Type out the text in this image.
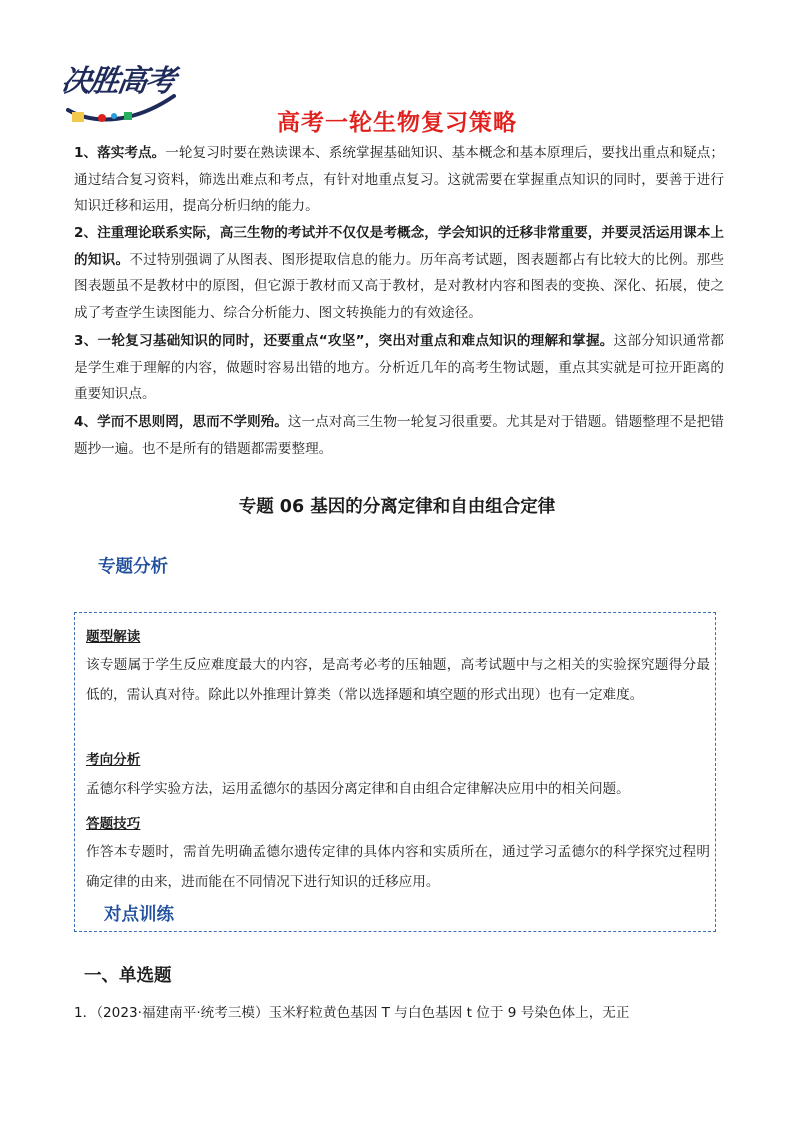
决胜高考
高考一轮生物复习策略
1、落实考点。一轮复习时要在熟读课本、系统掌握基础知识、基本概念和基本原理后，要找出重点和疑点；通过结合复习资料，筛选出难点和考点，有针对地重点复习。这就需要在掌握重点知识的同时，要善于进行知识迁移和运用，提高分析归纳的能力。
2、注重理论联系实际，高三生物的考试并不仅仅是考概念，学会知识的迁移非常重要，并要灵活运用课本上的知识。不过特别强调了从图表、图形提取信息的能力。历年高考试题，图表题都占有比较大的比例。那些图表题虽不是教材中的原图，但它源于教材而又高于教材，是对教材内容和图表的变换、深化、拓展，使之成了考查学生读图能力、综合分析能力、图文转换能力的有效途径。
3、一轮复习基础知识的同时，还要重点“攻坚”，突出对重点和难点知识的理解和掌握。这部分知识通常都是学生难于理解的内容，做题时容易出错的地方。分析近几年的高考生物试题，重点其实就是可拉开距离的重要知识点。
4、学而不思则罔，思而不学则殆。这一点对高三生物一轮复习很重要。尤其是对于错题。错题整理不是把错题抄一遍。也不是所有的错题都需要整理。
专题 06 基因的分离定律和自由组合定律
专题分析
题型解读
该专题属于学生反应难度最大的内容，是高考必考的压轴题，高考试题中与之相关的实验探究题得分最低的，需认真对待。除此以外推理计算类（常以选择题和填空题的形式出现）也有一定难度。
考向分析
孟德尔科学实验方法，运用孟德尔的基因分离定律和自由组合定律解决应用中的相关问题。
答题技巧
作答本专题时，需首先明确孟德尔遗传定律的具体内容和实质所在，通过学习孟德尔的科学探究过程明确定律的由来，进而能在不同情况下进行知识的迁移应用。
对点训练
一、单选题
1．（2023·福建南平·统考三模）玉米籽粒黄色基因 T 与白色基因 t 位于 9 号染色体上，无正
